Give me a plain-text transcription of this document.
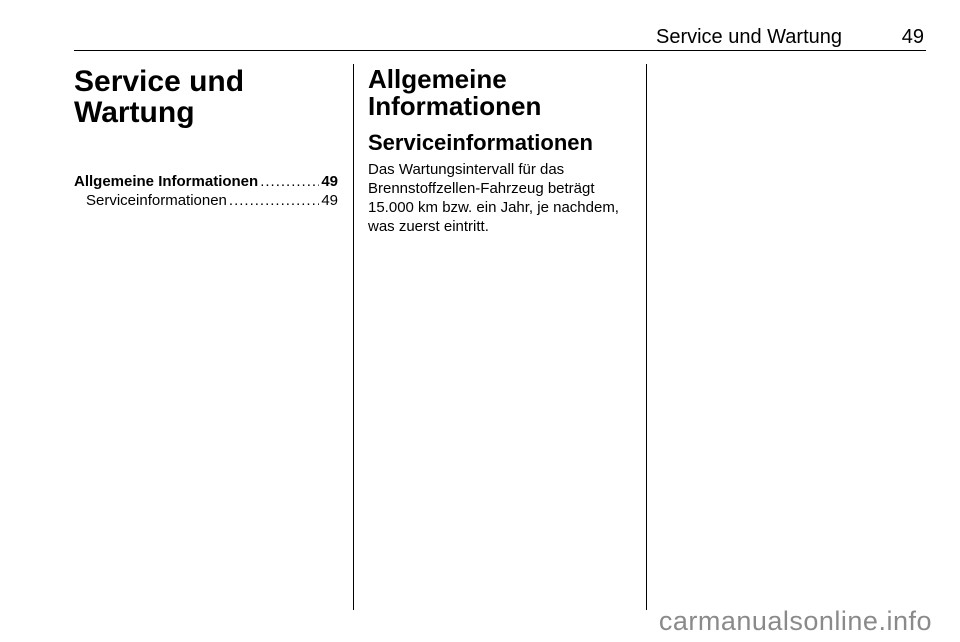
Service und Wartung	49
Service und
Wartung
Allgemeine Informationen .....	49
Serviceinformationen .....	49
Allgemeine
Informationen
Serviceinformationen

Das Wartungsintervall für das
Brennstoffzellen-Fahrzeug beträgt
15.000 km bzw. ein Jahr, je nachdem,
was zuerst eintritt.

carmanualsonline.info
